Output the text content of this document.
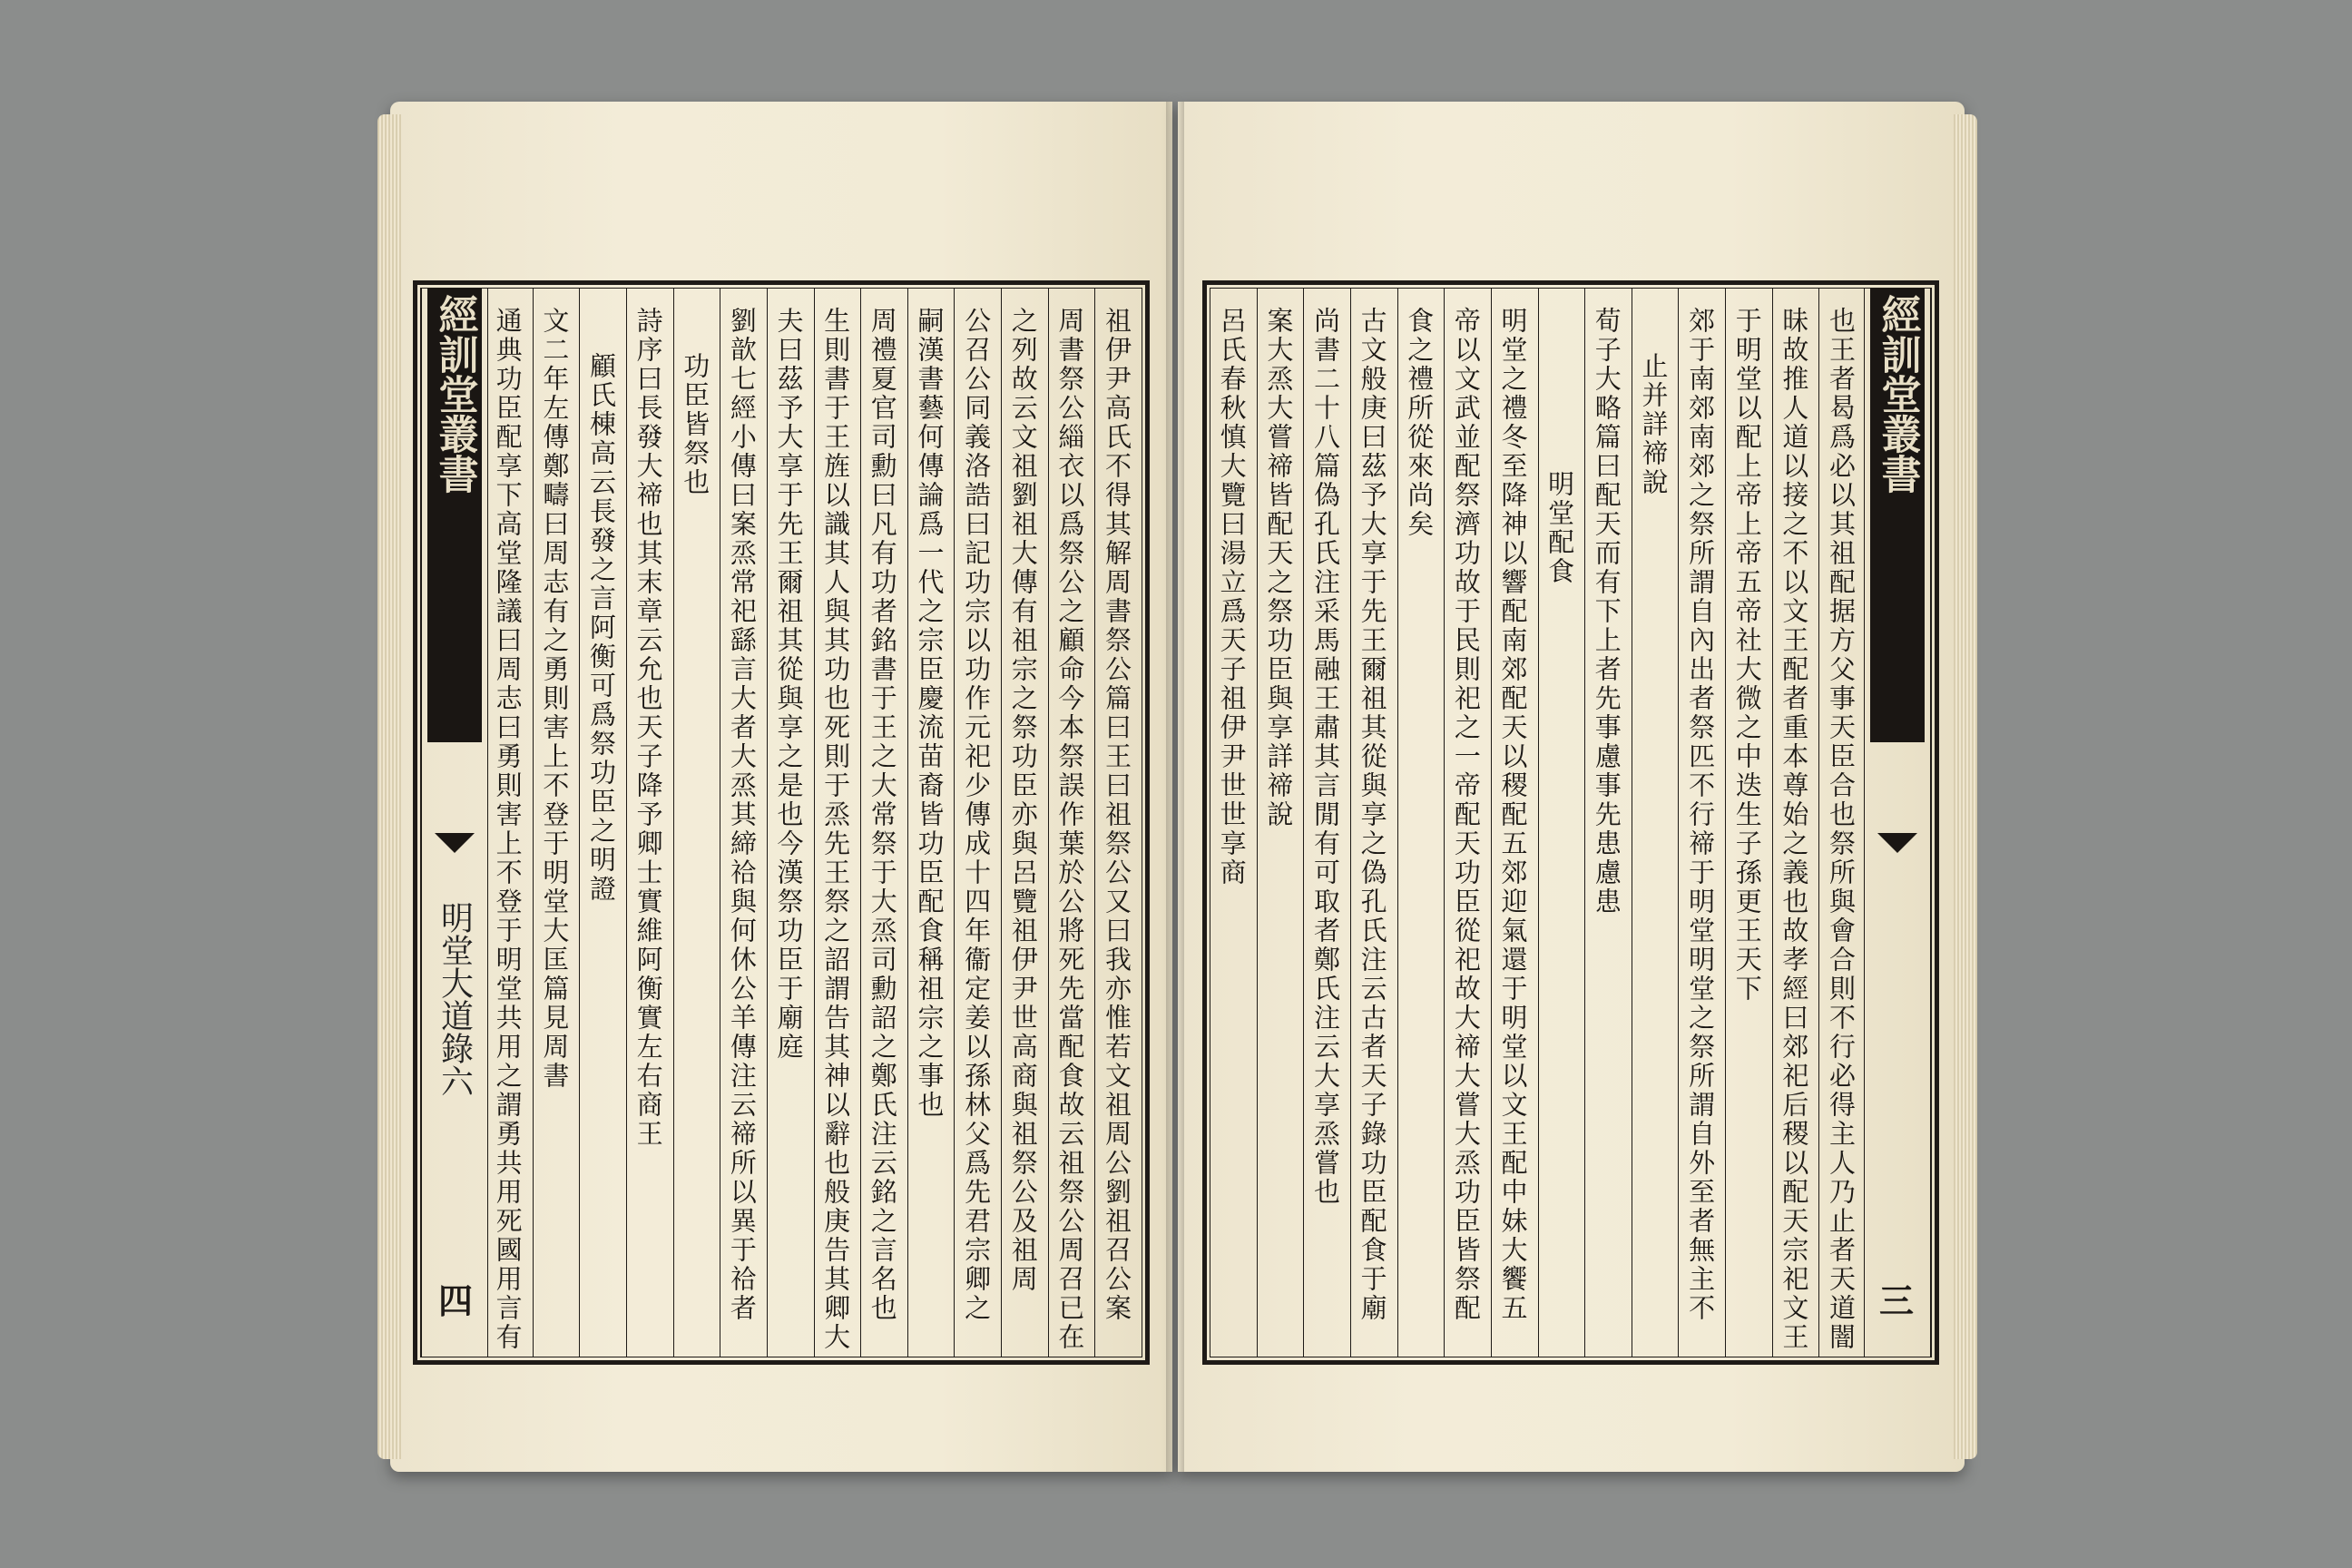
經訓堂叢書
明堂大道錄六
四	祖伊尹高氏不得其解周書祭公篇曰王曰祖祭公又曰我亦惟若文祖周公劉祖召公案
周書祭公緇衣以爲祭公之顧命今本祭誤作葉於公將死先當配食故云祖祭公周召已在
之列故云文祖劉祖大傳有祖宗之祭功臣亦與呂覽祖伊尹世高商與祖祭公及祖周
公召公同義洛誥曰記功宗以功作元祀少傳成十四年衞定姜以孫林父爲先君宗卿之
嗣漢書藝何傳論爲一代之宗臣慶流苗裔皆功臣配食稱祖宗之事也
周禮夏官司勳曰凡有功者銘書于王之大常祭于大烝司勳詔之鄭氏注云銘之言名也
生則書于王旌以識其人與其功也死則于烝先王祭之詔謂告其神以辭也般庚告其卿大
夫曰茲予大享于先王爾祖其從與享之是也今漢祭功臣于廟庭
劉歆七經小傳曰案烝常祀繇言大者大烝其締祫與何休公羊傳注云禘所以異于祫者
功臣皆祭也
詩序曰長發大禘也其末章云允也天子降予卿士實維阿衡實左右商王
顧氏棟高云長發之言阿衡可爲祭功臣之明證
文二年左傳鄭疇曰周志有之勇則害上不登于明堂大匡篇見周書
通典功臣配享下高堂隆議曰周志曰勇則害上不登于明堂共用之謂勇共用死國用言有
經訓堂叢書
三
也王者曷爲必以其祖配据方父事天臣合也祭所與會合則不行必得主人乃止者天道闇
昧故推人道以接之不以文王配者重本尊始之義也故孝經曰郊祀后稷以配天宗祀文王
于明堂以配上帝上帝五帝社大微之中迭生子孫更王天下
郊于南郊南郊之祭所謂自內出者祭匹不行禘于明堂明堂之祭所謂自外至者無主不
止并詳禘說
荀子大略篇曰配天而有下上者先事慮事先患慮患
明堂配食
明堂之禮冬至降神以響配南郊配天以稷配五郊迎氣還于明堂以文王配中妹大饗五
帝以文武並配祭濟功故于民則祀之一帝配天功臣從祀故大禘大嘗大烝功臣皆祭配
食之禮所從來尚矣
古文般庚曰茲予大享于先王爾祖其從與享之偽孔氏注云古者天子錄功臣配食于廟
尚書二十八篇偽孔氏注采馬融王肅其言閒有可取者鄭氏注云大享烝嘗也
案大烝大嘗禘皆配天之祭功臣與享詳禘說
呂氏春秋慎大覽曰湯立爲天子祖伊尹世世享商
